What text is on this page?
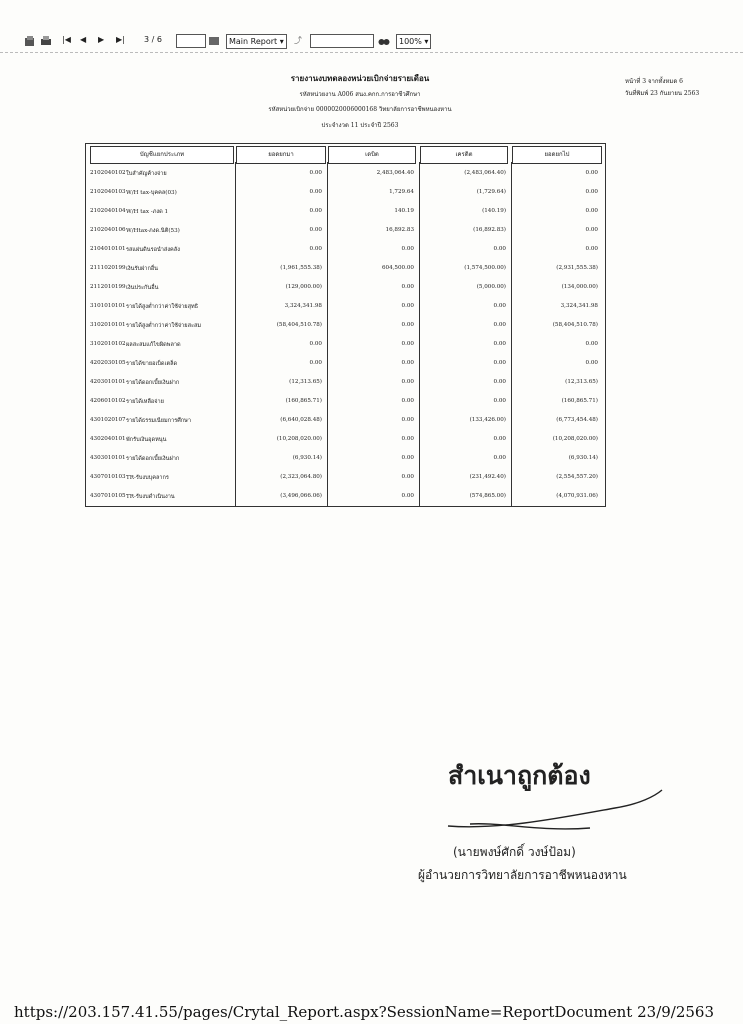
|◀ ◀ ▶ ▶| 3 / 6	Main Report ▾	⤴	100% ▾
รายงานงบทดลองหน่วยเบิกจ่ายรายเดือน
รหัสหน่วยงาน A006 สนง.คกก.การอาชีวศึกษา
รหัสหน่วยเบิกจ่าย 0000020006000168 วิทยาลัยการอาชีพหนองหาน
ประจำงวด 11 ประจำปี 2563
หน้าที่ 3 จากทั้งหมด 6
วันที่พิมพ์ 23 กันยายน 2563
บัญชีแยกประเภท	ยอดยกมา	เดบิต	เครดิต	ยอดยกไป
2102040102 ใบสำคัญค้างจ่าย	0.00	2,483,064.40	(2,483,064.40)	0.00
2102040103 W/H tax-บุคคล(03)	0.00	1,729.64	(1,729.64)	0.00
2102040104 W/H tax -ภงด 1	0.00	140.19	(140.19)	0.00
2102040106 W/Htax-ภงด.นิติ(53)	0.00	16,892.83	(16,892.83)	0.00
2104010101 รสแผ่นดินรอนำส่งคลัง	0.00	0.00	0.00	0.00
2111020199 เงินรับฝากอื่น	(1,961,555.38)	604,500.00	(1,574,500.00)	(2,931,555.38)
2112010199 เงินประกันอื่น	(129,000.00)	0.00	(5,000.00)	(134,000.00)
3101010101 รายได้สูงต่ำกว่าค่าใช้จ่ายสุทธิ	3,324,341.98	0.00	0.00	3,324,341.98
3102010101 รายได้สูงต่ำกว่าค่าใช้จ่ายสะสม	(58,404,510.78)	0.00	0.00	(58,404,510.78)
3102010102 ผลสะสมแก้ไขผิดพลาด	0.00	0.00	0.00	0.00
4202030105 รายได้ขายอเบ็ดเตล็ด	0.00	0.00	0.00	0.00
4203010101 รายได้ดอกเบี้ยเงินฝาก	(12,313.65)	0.00	0.00	(12,313.65)
4206010102 รายได้เหลือจ่าย	(160,865.71)	0.00	0.00	(160,865.71)
4301020107 รายได้ธรรมเนียมการศึกษา	(6,640,028.48)	0.00	(133,426.00)	(6,773,454.48)
4302040101 พักรับเงินอุดหนุน	(10,208,020.00)	0.00	0.00	(10,208,020.00)
4303010101 รายได้ดอกเบี้ยเงินฝาก	(6,930.14)	0.00	0.00	(6,930.14)
4307010103 TR-รับงบบุคลากร	(2,323,064.80)	0.00	(231,492.40)	(2,554,557.20)
4307010105 TR-รับงบดำเนินงาน	(3,496,066.06)	0.00	(574,865.00)	(4,070,931.06)
สำเนาถูกต้อง
(นายพงษ์ศักดิ์ วงษ์ป้อม)
ผู้อำนวยการวิทยาลัยการอาชีพหนองหาน
https://203.157.41.55/pages/Crytal_Report.aspx?SessionName=ReportDocument 23/9/2563
